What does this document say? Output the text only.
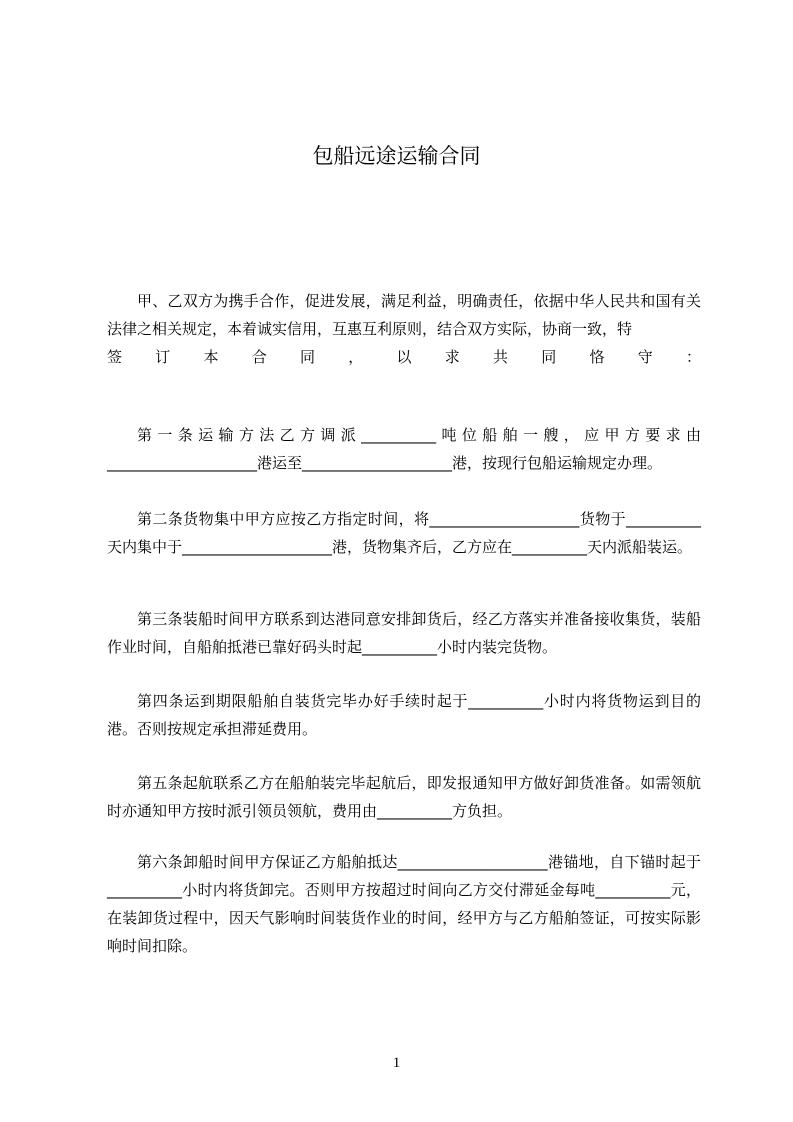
包船远途运输合同

甲、乙双方为携手合作，促进发展，满足利益，明确责任，依据中华人民共和国有关法律之相关规定，本着诚实信用，互惠互利原则，结合双方实际，协商一致，特
签订本合同，以求共同恪守：

第一条运输方法乙方调派__________吨位船舶一艘，应甲方要求由____________________港运至____________________港，按现行包船运输规定办理。

第二条货物集中甲方应按乙方指定时间，将____________________货物于__________天内集中于____________________港，货物集齐后，乙方应在__________天内派船装运。

第三条装船时间甲方联系到达港同意安排卸货后，经乙方落实并准备接收集货，装船作业时间，自船舶抵港已靠好码头时起__________小时内装完货物。

第四条运到期限船舶自装货完毕办好手续时起于__________小时内将货物运到目的港。否则按规定承担滞延费用。

第五条起航联系乙方在船舶装完毕起航后，即发报通知甲方做好卸货准备。如需领航时亦通知甲方按时派引领员领航，费用由__________方负担。

第六条卸船时间甲方保证乙方船舶抵达____________________港锚地，自下锚时起于__________小时内将货卸完。否则甲方按超过时间向乙方交付滞延金每吨__________元，在装卸货过程中，因天气影响时间装货作业的时间，经甲方与乙方船舶签证，可按实际影响时间扣除。

1
